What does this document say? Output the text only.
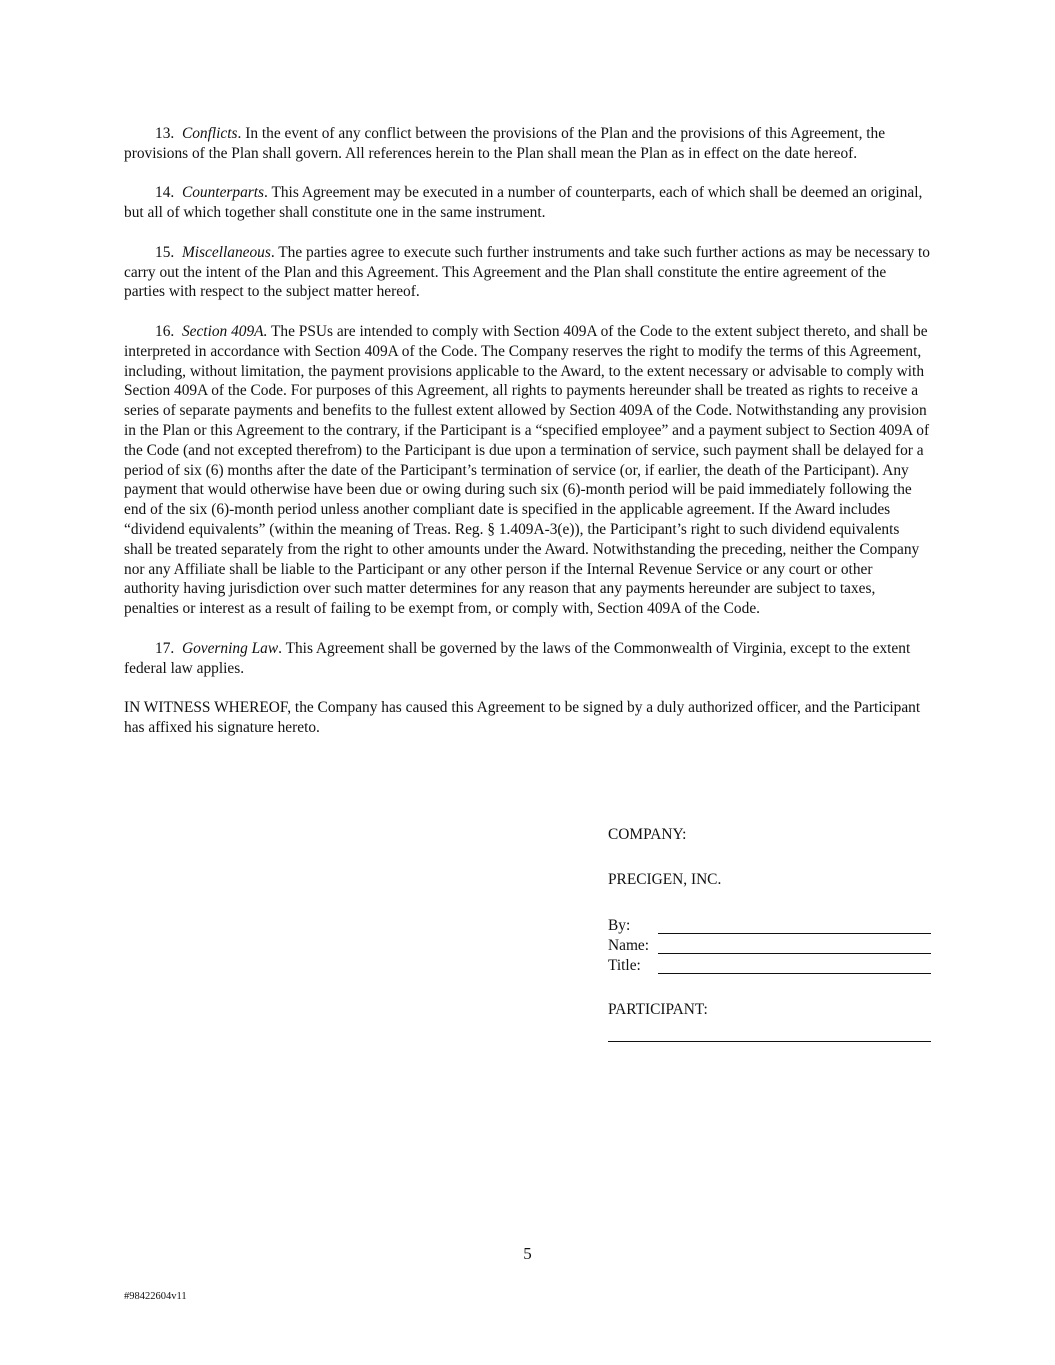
13. Conflicts. In the event of any conflict between the provisions of the Plan and the provisions of this Agreement, the provisions of the Plan shall govern. All references herein to the Plan shall mean the Plan as in effect on the date hereof.

14. Counterparts. This Agreement may be executed in a number of counterparts, each of which shall be deemed an original, but all of which together shall constitute one in the same instrument.

15. Miscellaneous. The parties agree to execute such further instruments and take such further actions as may be necessary to carry out the intent of the Plan and this Agreement. This Agreement and the Plan shall constitute the entire agreement of the parties with respect to the subject matter hereof.

16. Section 409A. The PSUs are intended to comply with Section 409A of the Code to the extent subject thereto, and shall be interpreted in accordance with Section 409A of the Code. The Company reserves the right to modify the terms of this Agreement, including, without limitation, the payment provisions applicable to the Award, to the extent necessary or advisable to comply with Section 409A of the Code. For purposes of this Agreement, all rights to payments hereunder shall be treated as rights to receive a series of separate payments and benefits to the fullest extent allowed by Section 409A of the Code. Notwithstanding any provision in the Plan or this Agreement to the contrary, if the Participant is a “specified employee” and a payment subject to Section 409A of the Code (and not excepted therefrom) to the Participant is due upon a termination of service, such payment shall be delayed for a period of six (6) months after the date of the Participant’s termination of service (or, if earlier, the death of the Participant). Any payment that would otherwise have been due or owing during such six (6)-month period will be paid immediately following the end of the six (6)-month period unless another compliant date is specified in the applicable agreement. If the Award includes “dividend equivalents” (within the meaning of Treas. Reg. § 1.409A-3(e)), the Participant’s right to such dividend equivalents shall be treated separately from the right to other amounts under the Award. Notwithstanding the preceding, neither the Company nor any Affiliate shall be liable to the Participant or any other person if the Internal Revenue Service or any court or other authority having jurisdiction over such matter determines for any reason that any payments hereunder are subject to taxes, penalties or interest as a result of failing to be exempt from, or comply with, Section 409A of the Code.

17. Governing Law. This Agreement shall be governed by the laws of the Commonwealth of Virginia, except to the extent federal law applies.

IN WITNESS WHEREOF, the Company has caused this Agreement to be signed by a duly authorized officer, and the Participant has affixed his signature hereto.

COMPANY:
PRECIGEN, INC.
By:
Name:
Title:
PARTICIPANT:
5
#98422604v11
